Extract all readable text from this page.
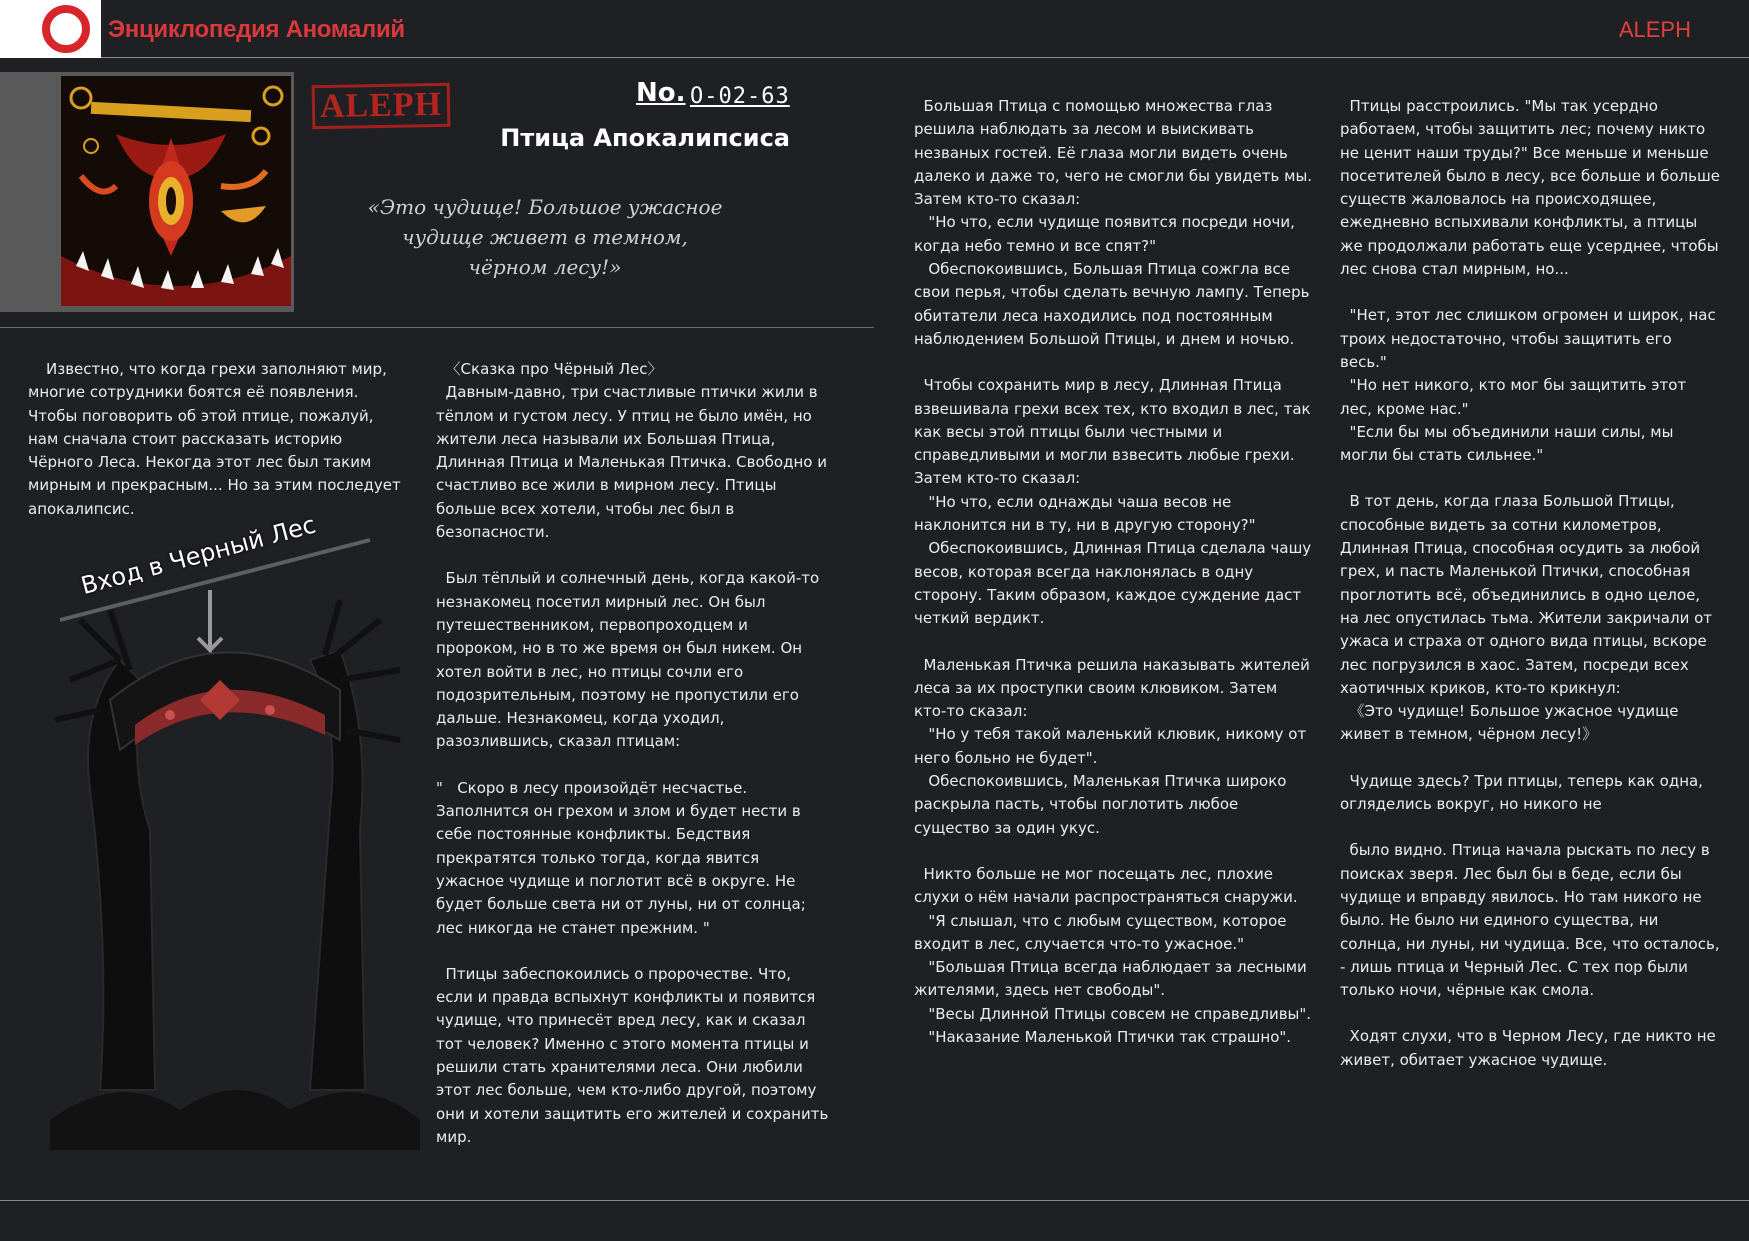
Энциклопедия Аномалий	ALEPH
ALEPH	No. O-02-63
Птица Апокалипсиса
«Это чудище! Большое ужасное чудище живет в темном, чёрном лесу!»

Известно, что когда грехи заполняют мир, многие сотрудники боятся её появления. Чтобы поговорить об этой птице, пожалуй, нам сначала стоит рассказать историю Чёрного Леса. Некогда этот лес был таким мирным и прекрасным... Но за этим последует апокалипсис.

Вход в Черный Лес

〈Сказка про Чёрный Лес〉

Давным-давно, три счастливые птички жили в тёплом и густом лесу. У птиц не было имён, но жители леса называли их Большая Птица, Длинная Птица и Маленькая Птичка. Свободно и счастливо все жили в мирном лесу. Птицы больше всех хотели, чтобы лес был в безопасности.

Был тёплый и солнечный день, когда какой-то незнакомец посетил мирный лес. Он был путешественником, первопроходцем и пророком, но в то же время он был никем. Он хотел войти в лес, но птицы сочли его подозрительным, поэтому не пропустили его дальше. Незнакомец, когда уходил, разозлившись, сказал птицам:

"   Скоро в лесу произойдёт несчастье. Заполнится он грехом и злом и будет нести в себе постоянные конфликты. Бедствия прекратятся только тогда, когда явится ужасное чудище и поглотит всё в округе. Не будет больше света ни от луны, ни от солнца; лес никогда не станет прежним. "

Птицы забеспокоились о пророчестве. Что, если и правда вспыхнут конфликты и появится чудище, что принесёт вред лесу, как и сказал тот человек? Именно с этого момента птицы и решили стать хранителями леса. Они любили этот лес больше, чем кто-либо другой, поэтому они и хотели защитить его жителей и сохранить мир.

Большая Птица с помощью множества глаз решила наблюдать за лесом и выискивать незваных гостей. Её глаза могли видеть очень далеко и даже то, чего не смогли бы увидеть мы. Затем кто-то сказал:

"Но что, если чудище появится посреди ночи, когда небо темно и все спят?"

Обеспокоившись, Большая Птица сожгла все свои перья, чтобы сделать вечную лампу. Теперь обитатели леса находились под постоянным наблюдением Большой Птицы, и днем и ночью.

Чтобы сохранить мир в лесу, Длинная Птица взвешивала грехи всех тех, кто входил в лес, так как весы этой птицы были честными и справедливыми и могли взвесить любые грехи. Затем кто-то сказал:

"Но что, если однажды чаша весов не наклонится ни в ту, ни в другую сторону?"

Обеспокоившись, Длинная Птица сделала чашу весов, которая всегда наклонялась в одну сторону. Таким образом, каждое суждение даст четкий вердикт.

Маленькая Птичка решила наказывать жителей леса за их проступки своим клювиком. Затем кто-то сказал:

"Но у тебя такой маленький клювик, никому от него больно не будет".

Обеспокоившись, Маленькая Птичка широко раскрыла пасть, чтобы поглотить любое существо за один укус.

Никто больше не мог посещать лес, плохие слухи о нём начали распространяться снаружи.

"Я слышал, что с любым существом, которое входит в лес, случается что-то ужасное."

"Большая Птица всегда наблюдает за лесными жителями, здесь нет свободы".

"Весы Длинной Птицы совсем не справедливы".

"Наказание Маленькой Птички так страшно".

Птицы расстроились. "Мы так усердно работаем, чтобы защитить лес; почему никто не ценит наши труды?" Все меньше и меньше посетителей было в лесу, все больше и больше существ жаловалось на происходящее, ежедневно вспыхивали конфликты, а птицы же продолжали работать еще усерднее, чтобы лес снова стал мирным, но...

"Нет, этот лес слишком огромен и широк, нас троих недостаточно, чтобы защитить его весь."

"Но нет никого, кто мог бы защитить этот лес, кроме нас."

"Если бы мы объединили наши силы, мы могли бы стать сильнее."

В тот день, когда глаза Большой Птицы, способные видеть за сотни километров, Длинная Птица, способная осудить за любой грех, и пасть Маленькой Птички, способная проглотить всё, объединились в одно целое, на лес опустилась тьма. Жители закричали от ужаса и страха от одного вида птицы, вскоре лес погрузился в хаос. Затем, посреди всех хаотичных криков, кто-то крикнул:

《Это чудище! Большое ужасное чудище живет в темном, чёрном лесу!》

Чудище здесь? Три птицы, теперь как одна, огляделись вокруг, но никого не

было видно. Птица начала рыскать по лесу в поисках зверя. Лес был бы в беде, если бы чудище и вправду явилось. Но там никого не было. Не было ни единого существа, ни солнца, ни луны, ни чудища. Все, что осталось, - лишь птица и Черный Лес. С тех пор были только ночи, чёрные как смола.

Ходят слухи, что в Черном Лесу, где никто не живет, обитает ужасное чудище.
